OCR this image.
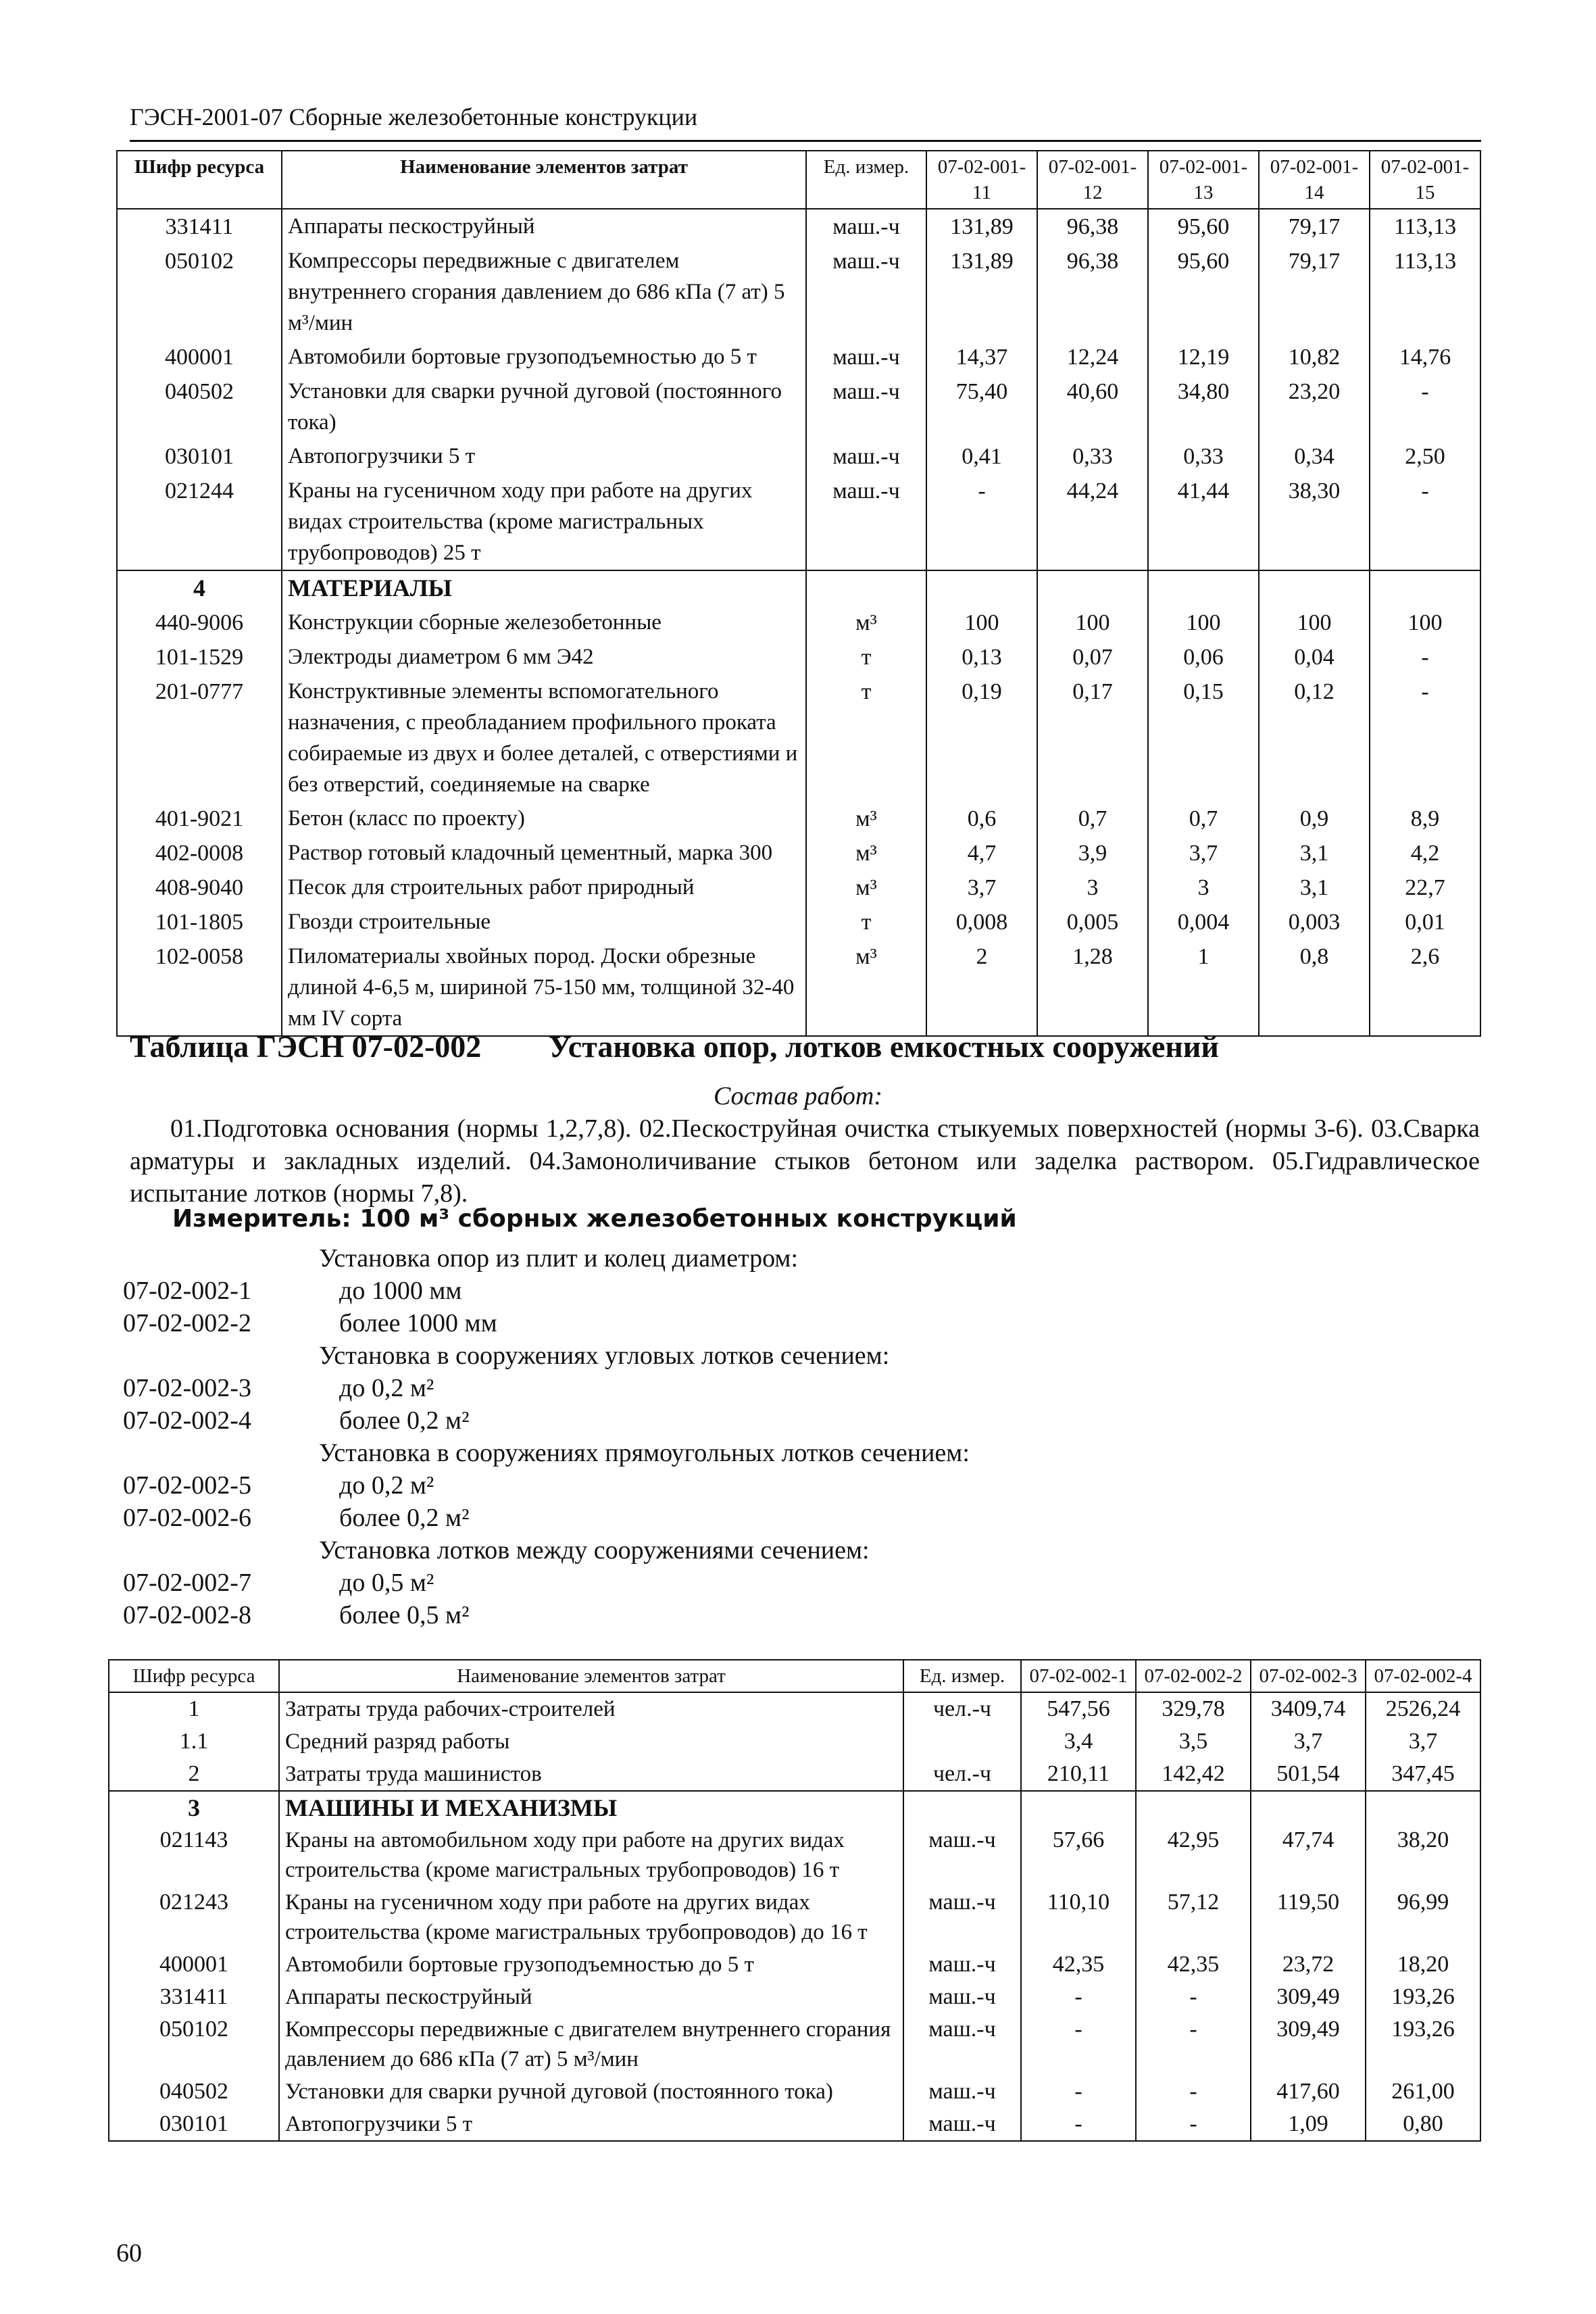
ГЭСН-2001-07 Сборные железобетонные конструкции
Шифр ресурса	Наименование элементов затрат	Ед. измер.	07-02-001-11	07-02-001-12	07-02-001-13	07-02-001-14	07-02-001-15
331411	Аппараты пескоструйный	маш.-ч	131,89	96,38	95,60	79,17	113,13
050102	Компрессоры передвижные с двигателем внутреннего сгорания давлением до 686 кПа (7 ат) 5 м³/мин	маш.-ч	131,89	96,38	95,60	79,17	113,13
400001	Автомобили бортовые грузоподъемностью до 5 т	маш.-ч	14,37	12,24	12,19	10,82	14,76
040502	Установки для сварки ручной дуговой (постоянного тока)	маш.-ч	75,40	40,60	34,80	23,20	-
030101	Автопогрузчики 5 т	маш.-ч	0,41	0,33	0,33	0,34	2,50
021244	Краны на гусеничном ходу при работе на других видах строительства (кроме магистральных трубопроводов) 25 т	маш.-ч	-	44,24	41,44	38,30	-
4	МАТЕРИАЛЫ						
440-9006	Конструкции сборные железобетонные	м³	100	100	100	100	100
101-1529	Электроды диаметром 6 мм Э42	т	0,13	0,07	0,06	0,04	-
201-0777	Конструктивные элементы вспомогательного назначения, с преобладанием профильного проката собираемые из двух и более деталей, с отверстиями и без отверстий, соединяемые на сварке	т	0,19	0,17	0,15	0,12	-
401-9021	Бетон (класс по проекту)	м³	0,6	0,7	0,7	0,9	8,9
402-0008	Раствор готовый кладочный цементный, марка 300	м³	4,7	3,9	3,7	3,1	4,2
408-9040	Песок для строительных работ природный	м³	3,7	3	3	3,1	22,7
101-1805	Гвозди строительные	т	0,008	0,005	0,004	0,003	0,01
102-0058	Пиломатериалы хвойных пород. Доски обрезные длиной 4-6,5 м, шириной 75-150 мм, толщиной 32-40 мм IV сорта	м³	2	1,28	1	0,8	2,6
Таблица ГЭСН 07-02-002 Установка опор, лотков емкостных сооружений
Состав работ:

01.Подготовка основания (нормы 1,2,7,8). 02.Пескоструйная очистка стыкуемых поверхностей (нормы 3-6). 03.Сварка арматуры и закладных изделий. 04.Замоноличивание стыков бетоном или заделка раствором. 05.Гидравлическое испытание лотков (нормы 7,8).

Измеритель: 100 м³ сборных железобетонных конструкций
Установка опор из плит и колец диаметром:
07-02-002-1	до 1000 мм
07-02-002-2	более 1000 мм
Установка в сооружениях угловых лотков сечением:
07-02-002-3	до 0,2 м²
07-02-002-4	более 0,2 м²
Установка в сооружениях прямоугольных лотков сечением:
07-02-002-5	до 0,2 м²
07-02-002-6	более 0,2 м²
Установка лотков между сооружениями сечением:
07-02-002-7	до 0,5 м²
07-02-002-8	более 0,5 м²
Шифр ресурса	Наименование элементов затрат	Ед. измер.	07-02-002-1	07-02-002-2	07-02-002-3	07-02-002-4
1	Затраты труда рабочих-строителей	чел.-ч	547,56	329,78	3409,74	2526,24
1.1	Средний разряд работы		3,4	3,5	3,7	3,7
2	Затраты труда машинистов	чел.-ч	210,11	142,42	501,54	347,45
3	МАШИНЫ И МЕХАНИЗМЫ					
021143	Краны на автомобильном ходу при работе на других видах строительства (кроме магистральных трубопроводов) 16 т	маш.-ч	57,66	42,95	47,74	38,20
021243	Краны на гусеничном ходу при работе на других видах строительства (кроме магистральных трубопроводов) до 16 т	маш.-ч	110,10	57,12	119,50	96,99
400001	Автомобили бортовые грузоподъемностью до 5 т	маш.-ч	42,35	42,35	23,72	18,20
331411	Аппараты пескоструйный	маш.-ч	-	-	309,49	193,26
050102	Компрессоры передвижные с двигателем внутреннего сгорания давлением до 686 кПа (7 ат) 5 м³/мин	маш.-ч	-	-	309,49	193,26
040502	Установки для сварки ручной дуговой (постоянного тока)	маш.-ч	-	-	417,60	261,00
030101	Автопогрузчики 5 т	маш.-ч	-	-	1,09	0,80
60
